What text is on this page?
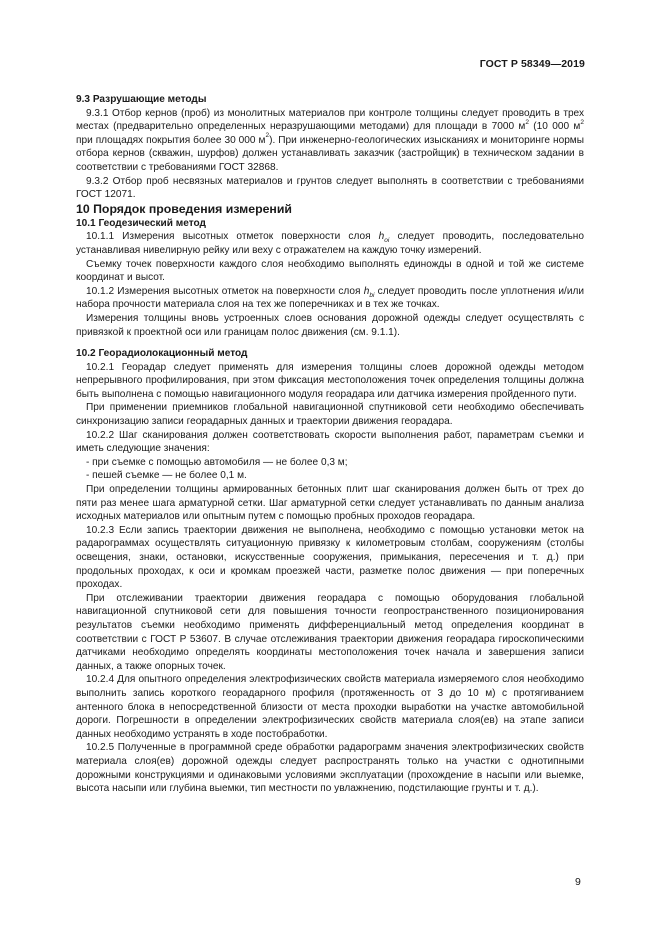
ГОСТ Р 58349—2019

9.3 Разрушающие методы

9.3.1 Отбор кернов (проб) из монолитных материалов при контроле толщины следует проводить в трех местах (предварительно определенных неразрушающими методами) для площади в 7000 $м^2$ (10 000 $м^2$ при площадях покрытия более 30 000 $м^2$). При инженерно-геологических изысканиях и мониторинге нормы отбора кернов (скважин, шурфов) должен устанавливать заказчик (застройщик) в техническом задании в соответствии с требованиями ГОСТ 32868.

9.3.2 Отбор проб несвязных материалов и грунтов следует выполнять в соответствии с требованиями ГОСТ 12071.

10 Порядок проведения измерений

10.1 Геодезический метод

10.1.1 Измерения высотных отметок поверхности слоя $h_{oi}$ следует проводить, последовательно устанавливая нивелирную рейку или веху с отражателем на каждую точку измерений.

Съемку точек поверхности каждого слоя необходимо выполнять единожды в одной и той же системе координат и высот.

10.1.2 Измерения высотных отметок на поверхности слоя $h_{bi}$ следует проводить после уплотнения и/или набора прочности материала слоя на тех же поперечниках и в тех же точках.

Измерения толщины вновь устроенных слоев основания дорожной одежды следует осуществлять с привязкой к проектной оси или границам полос движения (см. 9.1.1).

10.2 Георадиолокационный метод

10.2.1 Георадар следует применять для измерения толщины слоев дорожной одежды методом непрерывного профилирования, при этом фиксация местоположения точек определения толщины должна быть выполнена с помощью навигационного модуля георадара или датчика измерения пройденного пути.

При применении приемников глобальной навигационной спутниковой сети необходимо обеспечивать синхронизацию записи георадарных данных и траектории движения георадара.

10.2.2 Шаг сканирования должен соответствовать скорости выполнения работ, параметрам съемки и иметь следующие значения:

- при съемке с помощью автомобиля — не более 0,3 м;

- пешей съемке — не более 0,1 м.

При определении толщины армированных бетонных плит шаг сканирования должен быть от трех до пяти раз менее шага арматурной сетки. Шаг арматурной сетки следует устанавливать по данным анализа исходных материалов или опытным путем с помощью пробных проходов георадара.

10.2.3 Если запись траектории движения не выполнена, необходимо с помощью установки меток на радарограммах осуществлять ситуационную привязку к километровым столбам, сооружениям (столбы освещения, знаки, остановки, искусственные сооружения, примыкания, пересечения и т. д.) при продольных проходах, к оси и кромкам проезжей части, разметке полос движения — при поперечных проходах.

При отслеживании траектории движения георадара с помощью оборудования глобальной навигационной спутниковой сети для повышения точности геопространственного позиционирования результатов съемки необходимо применять дифференциальный метод определения координат в соответствии с ГОСТ Р 53607. В случае отслеживания траектории движения георадара гироскопическими датчиками необходимо определять координаты местоположения точек начала и завершения записи данных, а также опорных точек.

10.2.4 Для опытного определения электрофизических свойств материала измеряемого слоя необходимо выполнить запись короткого георадарного профиля (протяженность от 3 до 10 м) с протягиванием антенного блока в непосредственной близости от места проходки выработки на участке автомобильной дороги. Погрешности в определении электрофизических свойств материала слоя(ев) на этапе записи данных необходимо устранять в ходе постобработки.

10.2.5 Полученные в программной среде обработки радарограмм значения электрофизических свойств материала слоя(ев) дорожной одежды следует распространять только на участки с однотипными дорожными конструкциями и одинаковыми условиями эксплуатации (прохождение в насыпи или выемке, высота насыпи или глубина выемки, тип местности по увлажнению, подстилающие грунты и т. д.).

9
